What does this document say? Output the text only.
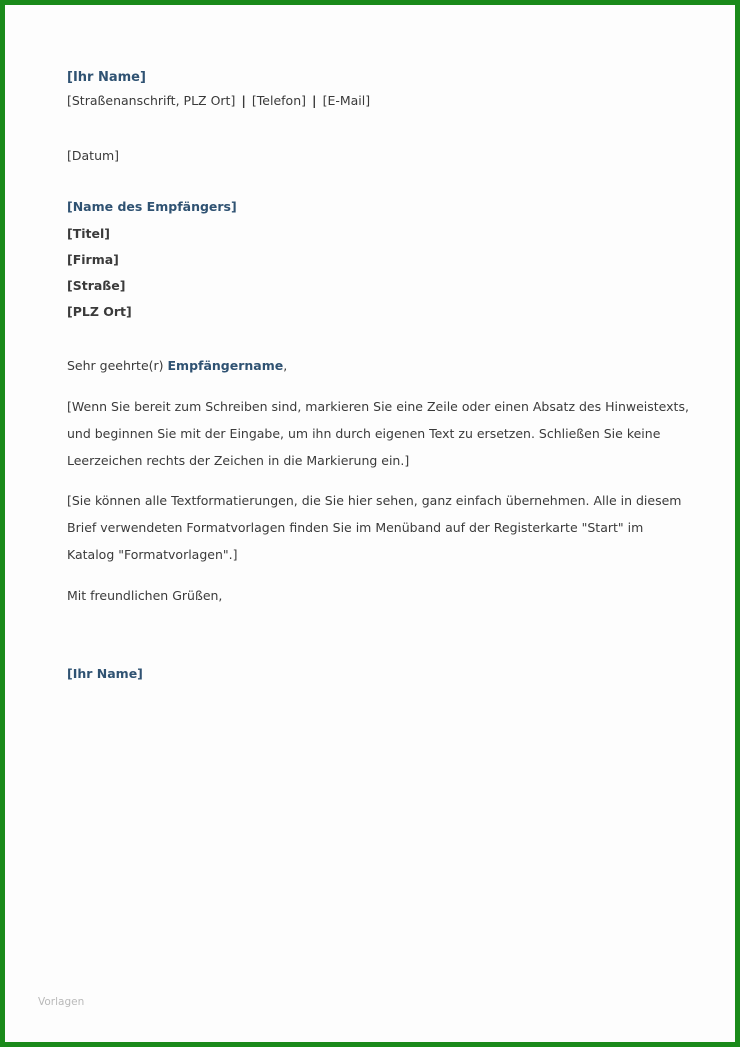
[Ihr Name]
[Straßenanschrift, PLZ Ort] | [Telefon] | [E-Mail]
[Datum]
[Name des Empfängers]
[Titel]
[Firma]
[Straße]
[PLZ Ort]
Sehr geehrte(r) Empfängername,
[Wenn Sie bereit zum Schreiben sind, markieren Sie eine Zeile oder einen Absatz des Hinweistexts, und beginnen Sie mit der Eingabe, um ihn durch eigenen Text zu ersetzen. Schließen Sie keine Leerzeichen rechts der Zeichen in die Markierung ein.]
[Sie können alle Textformatierungen, die Sie hier sehen, ganz einfach übernehmen. Alle in diesem Brief verwendeten Formatvorlagen finden Sie im Menüband auf der Registerkarte "Start" im Katalog "Formatvorlagen".]
Mit freundlichen Grüßen,
[Ihr Name]
Vorlagen
